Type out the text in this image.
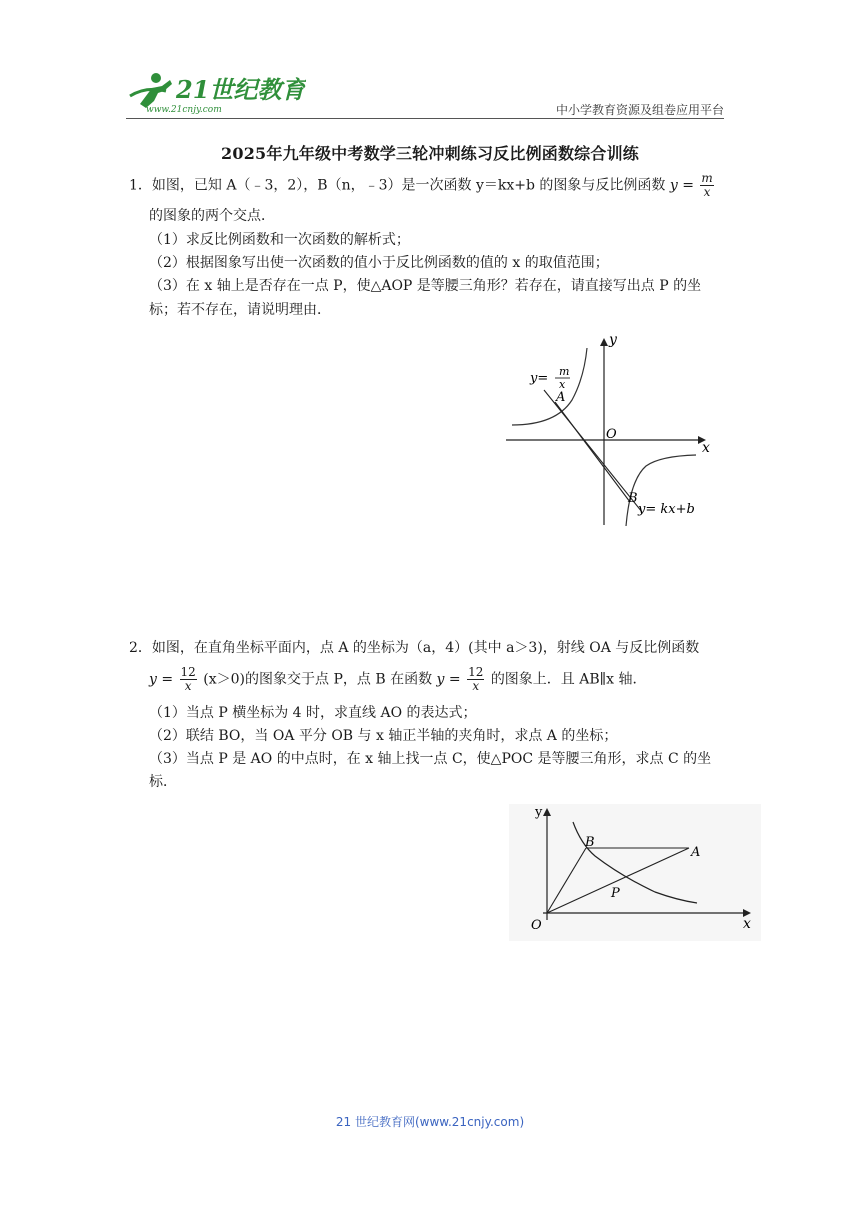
21世纪教育
www.21cnjy.com	中小学教育资源及组卷应用平台
2025年九年级中考数学三轮冲刺练习反比例函数综合训练
1．如图，已知 A（﹣3，2），B（n，﹣3）是一次函数 y＝kx+b 的图象与反比例函数 $y = \frac{m}{x}$
的图象的两个交点．
（1）求反比例函数和一次函数的解析式；
（2）根据图象写出使一次函数的值小于反比例函数的值的 x 的取值范围；
（3）在 x 轴上是否存在一点 P，使△AOP 是等腰三角形？若存在，请直接写出点 P 的坐
标；若不存在，请说明理由．
y
x
O
A
B
y= m
x
y= kx+b
2．如图，在直角坐标平面内，点 A 的坐标为（a，4）(其中 a＞3)，射线 OA 与反比例函数
$y = \frac{12}{x} (x>0)$的图象交于点 P，点 B 在函数 $y = \frac{12}{x}$ 的图象上．且 AB∥x 轴．
（1）当点 P 横坐标为 4 时，求直线 AO 的表达式；
（2）联结 BO，当 OA 平分 OB 与 x 轴正半轴的夹角时，求点 A 的坐标；
（3）当点 P 是 AO 的中点时，在 x 轴上找一点 C，使△POC 是等腰三角形，求点 C 的坐
标．
y
x
O
B
A
P
21 世纪教育网(www.21cnjy.com)
